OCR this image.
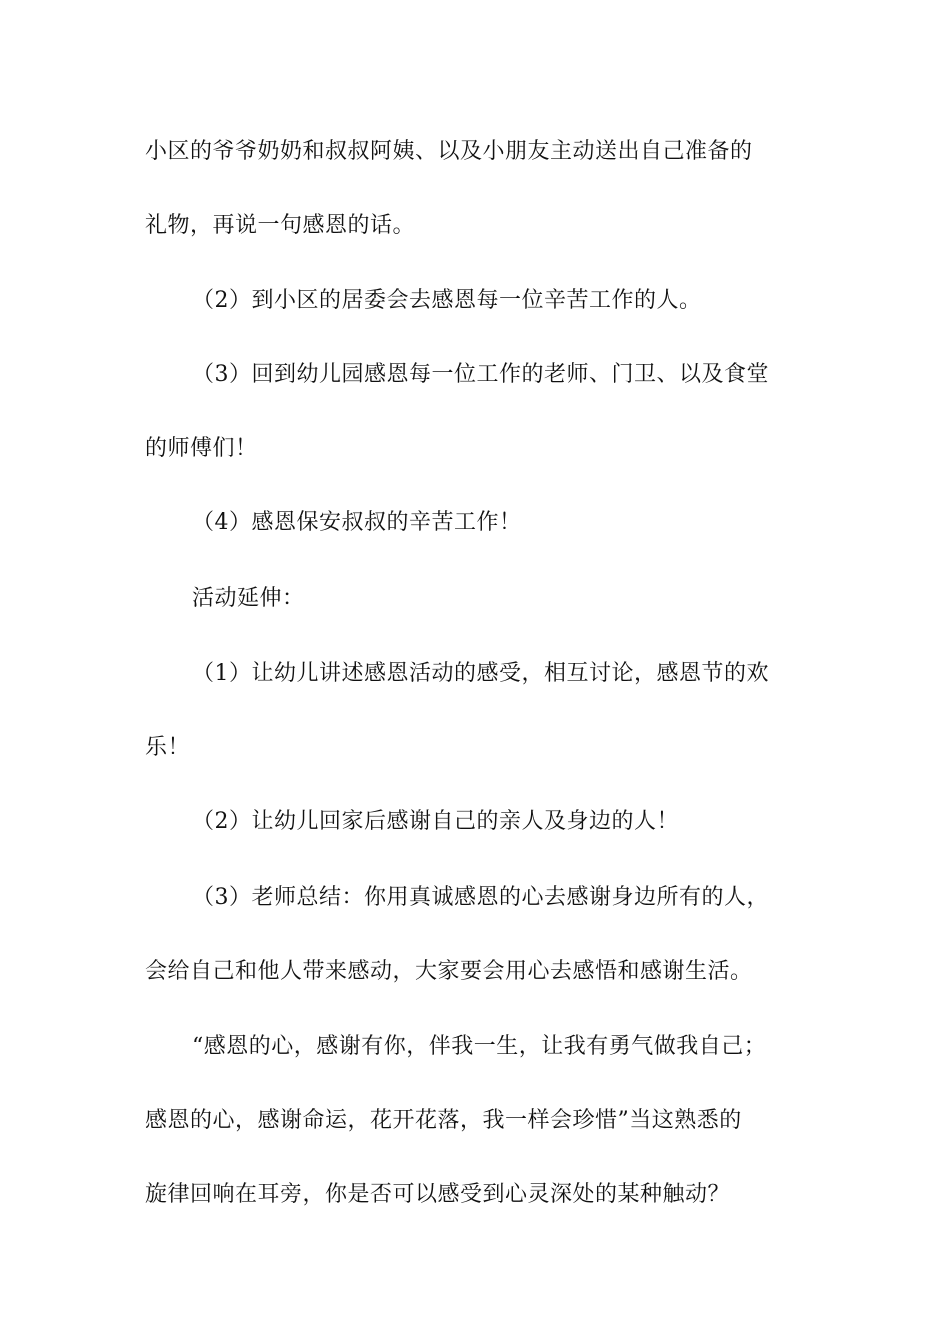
小区的爷爷奶奶和叔叔阿姨、以及小朋友主动送出自己准备的
礼物，再说一句感恩的话。
（2）到小区的居委会去感恩每一位辛苦工作的人。
（3）回到幼儿园感恩每一位工作的老师、门卫、以及食堂
的师傅们！
（4）感恩保安叔叔的辛苦工作！
活动延伸：
（1）让幼儿讲述感恩活动的感受，相互讨论，感恩节的欢
乐！
（2）让幼儿回家后感谢自己的亲人及身边的人！
（3）老师总结：你用真诚感恩的心去感谢身边所有的人，
会给自己和他人带来感动，大家要会用心去感悟和感谢生活。
“感恩的心，感谢有你，伴我一生，让我有勇气做我自己；
感恩的心，感谢命运，花开花落，我一样会珍惜”当这熟悉的
旋律回响在耳旁，你是否可以感受到心灵深处的某种触动？
